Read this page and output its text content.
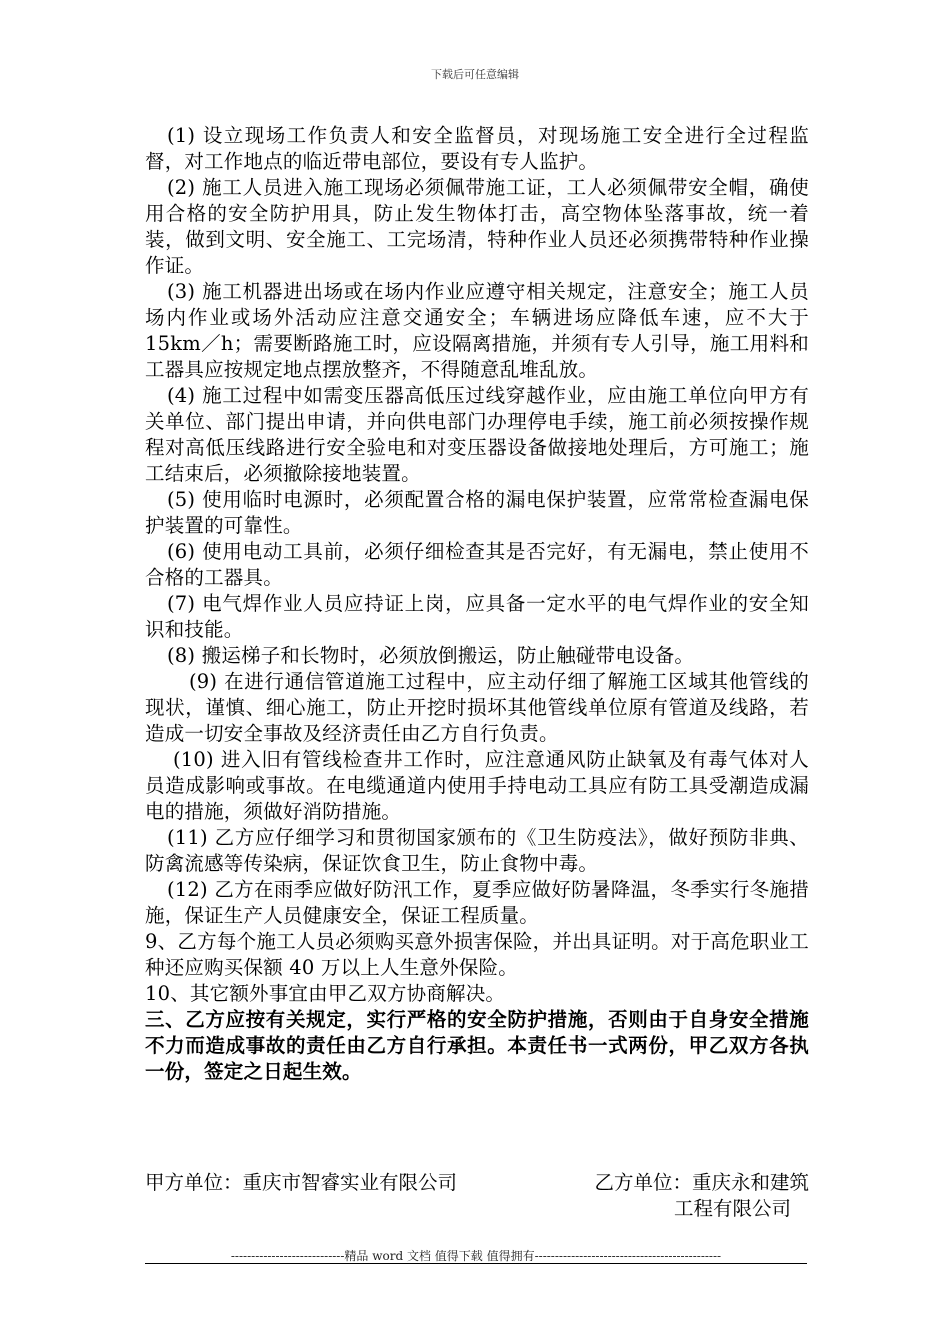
下载后可任意编辑

(1) 设立现场工作负责人和安全监督员，对现场施工安全进行全过程监督，对工作地点的临近带电部位，要设有专人监护。

(2) 施工人员进入施工现场必须佩带施工证，工人必须佩带安全帽，确使用合格的安全防护用具，防止发生物体打击，高空物体坠落事故，统一着装，做到文明、安全施工、工完场清，特种作业人员还必须携带特种作业操作证。

(3) 施工机器进出场或在场内作业应遵守相关规定，注意安全；施工人员场内作业或场外活动应注意交通安全；车辆进场应降低车速，应不大于 15km／h；需要断路施工时，应设隔离措施，并须有专人引导，施工用料和工器具应按规定地点摆放整齐，不得随意乱堆乱放。

(4) 施工过程中如需变压器高低压过线穿越作业，应由施工单位向甲方有关单位、部门提出申请，并向供电部门办理停电手续，施工前必须按操作规程对高低压线路进行安全验电和对变压器设备做接地处理后，方可施工；施工结束后，必须撤除接地装置。

(5) 使用临时电源时，必须配置合格的漏电保护装置，应常常检查漏电保护装置的可靠性。

(6) 使用电动工具前，必须仔细检查其是否完好，有无漏电，禁止使用不合格的工器具。

(7) 电气焊作业人员应持证上岗，应具备一定水平的电气焊作业的安全知识和技能。

(8) 搬运梯子和长物时，必须放倒搬运，防止触碰带电设备。

(9) 在进行通信管道施工过程中，应主动仔细了解施工区域其他管线的现状，谨慎、细心施工，防止开挖时损坏其他管线单位原有管道及线路，若造成一切安全事故及经济责任由乙方自行负责。

(10) 进入旧有管线检查井工作时，应注意通风防止缺氧及有毒气体对人员造成影响或事故。在电缆通道内使用手持电动工具应有防工具受潮造成漏电的措施，须做好消防措施。

(11) 乙方应仔细学习和贯彻国家颁布的《卫生防疫法》，做好预防非典、防禽流感等传染病，保证饮食卫生，防止食物中毒。

(12) 乙方在雨季应做好防汛工作，夏季应做好防暑降温，冬季实行冬施措施，保证生产人员健康安全，保证工程质量。

9、乙方每个施工人员必须购买意外损害保险，并出具证明。对于高危职业工种还应购买保额 40 万以上人生意外保险。

10、其它额外事宜由甲乙双方协商解决。

三、乙方应按有关规定，实行严格的安全防护措施，否则由于自身安全措施不力而造成事故的责任由乙方自行承担。本责任书一式两份，甲乙双方各执一份，签定之日起生效。

甲方单位：重庆市智睿实业有限公司	乙方单位：重庆永和建筑
工程有限公司
----------------------------精品 word 文档 值得下载 值得拥有----------------------------------------------
